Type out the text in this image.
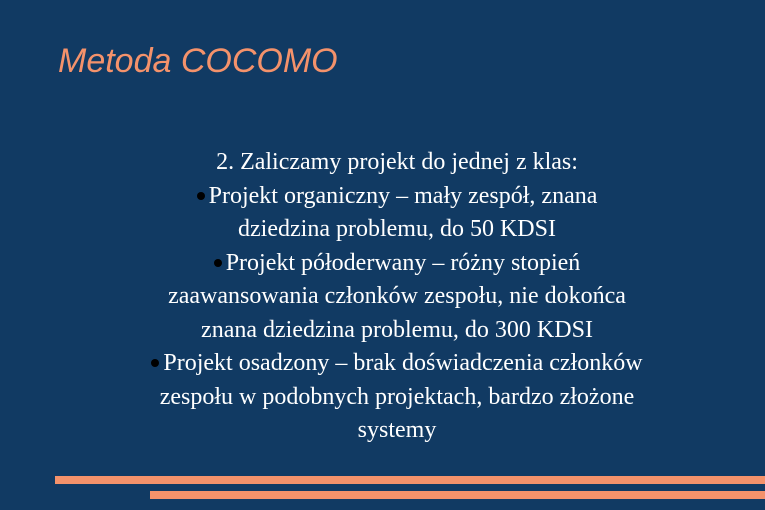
Metoda COCOMO

2. Zaliczamy projekt do jednej z klas:

Projekt organiczny – mały zespół, znana
dziedzina problemu, do 50 KDSI

Projekt półoderwany – różny stopień
zaawansowania członków zespołu, nie dokońca
znana dziedzina problemu, do 300 KDSI

Projekt osadzony – brak doświadczenia członków
zespołu w podobnych projektach, bardzo złożone
systemy
